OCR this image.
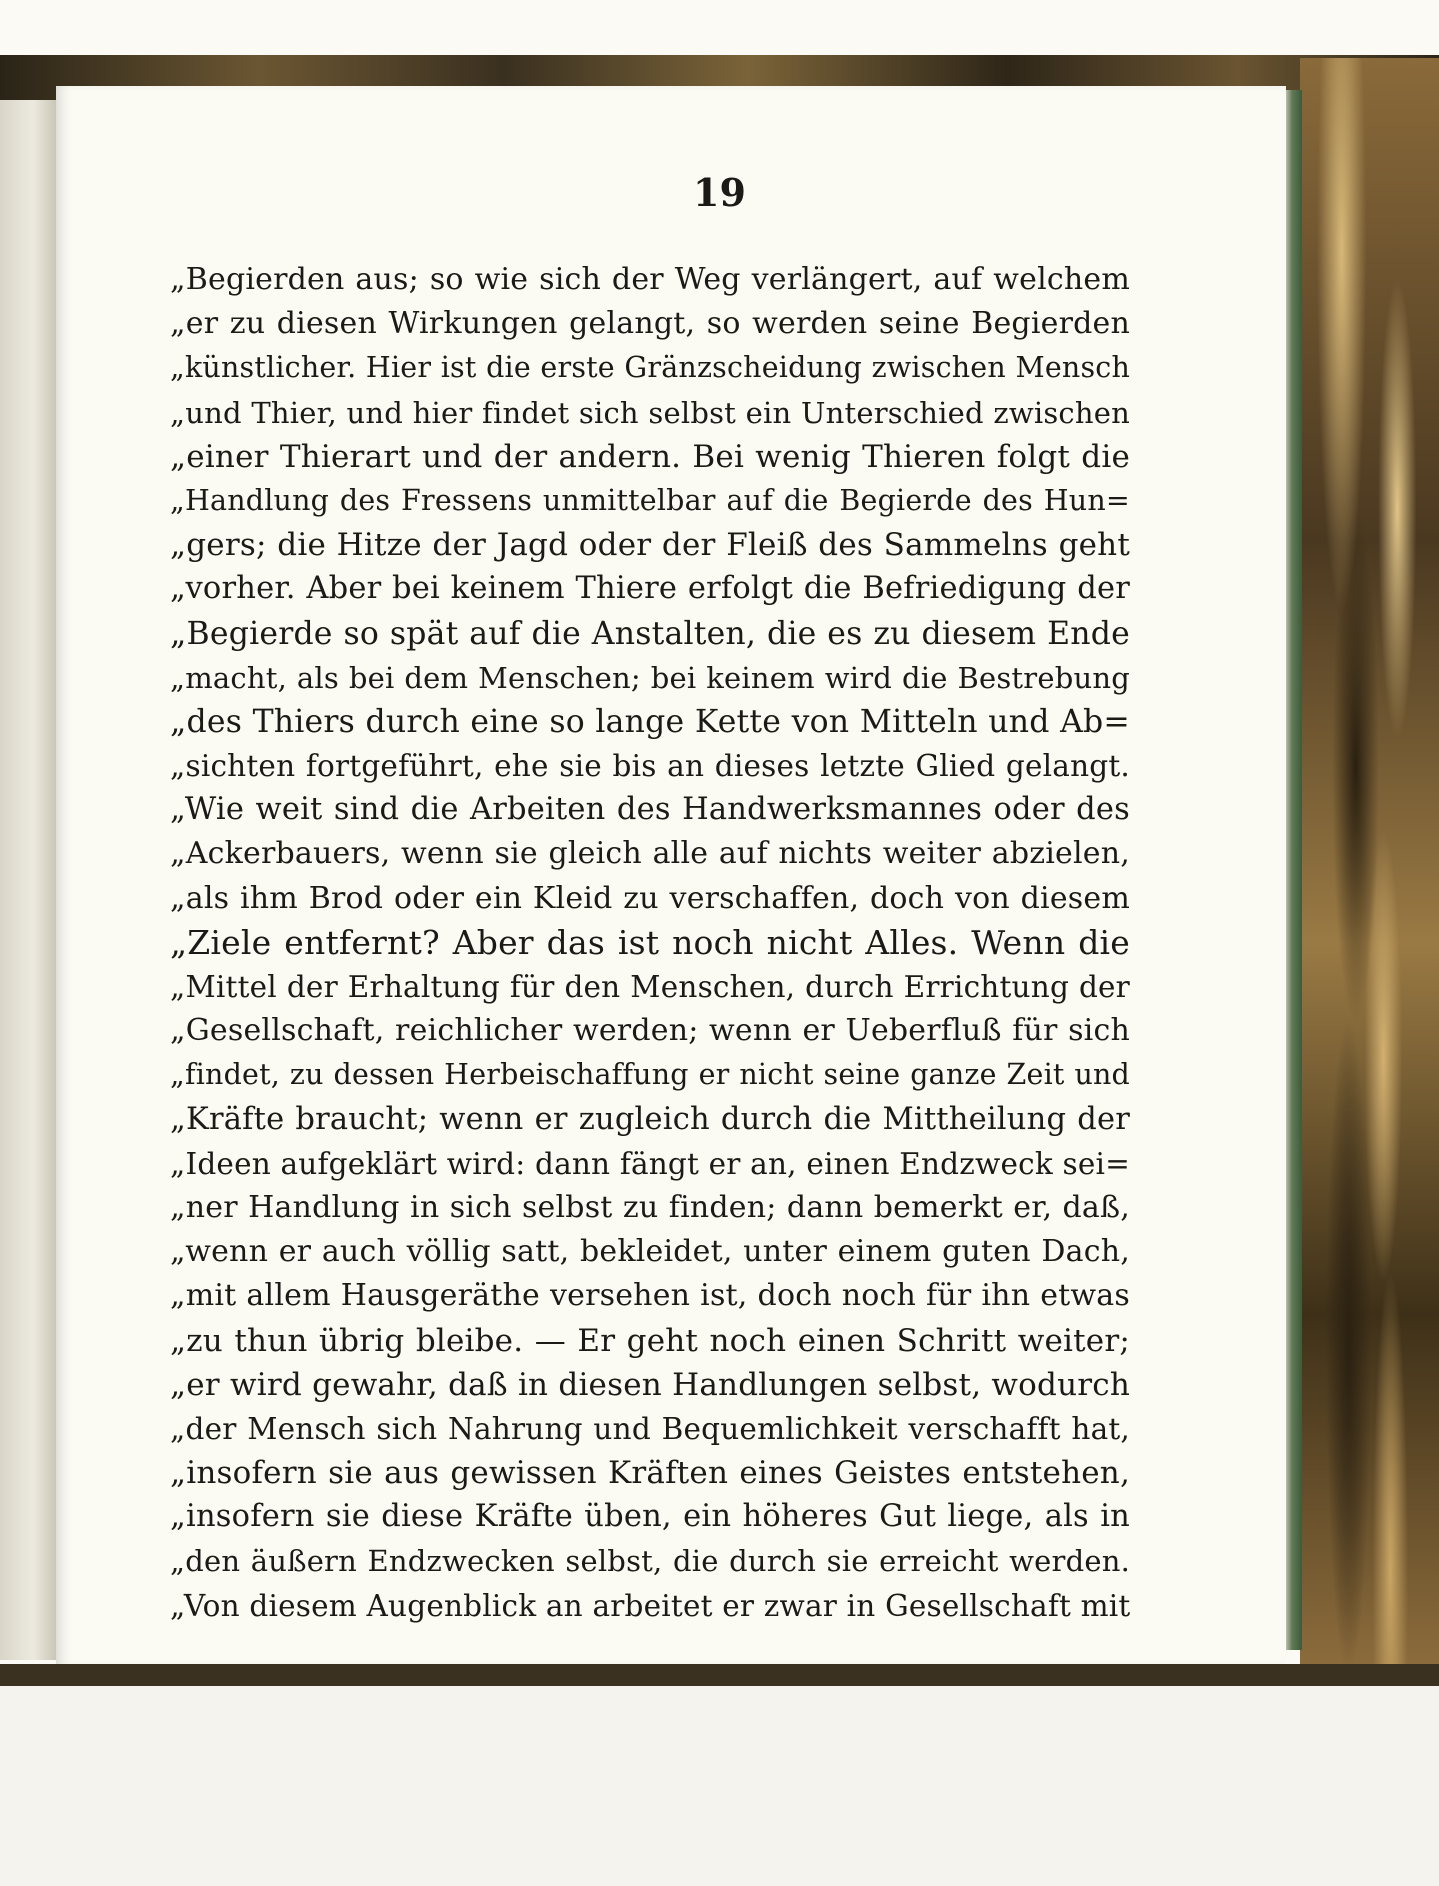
19

„Begierden aus; so wie sich der Weg verlängert, auf welchem
„er zu diesen Wirkungen gelangt, so werden seine Begierden
„künstlicher. Hier ist die erste Gränzscheidung zwischen Mensch
„und Thier, und hier findet sich selbst ein Unterschied zwischen
„einer Thierart und der andern. Bei wenig Thieren folgt die
„Handlung des Fressens unmittelbar auf die Begierde des Hun=
„gers; die Hitze der Jagd oder der Fleiß des Sammelns geht
„vorher. Aber bei keinem Thiere erfolgt die Befriedigung der
„Begierde so spät auf die Anstalten, die es zu diesem Ende
„macht, als bei dem Menschen; bei keinem wird die Bestrebung
„des Thiers durch eine so lange Kette von Mitteln und Ab=
„sichten fortgeführt, ehe sie bis an dieses letzte Glied gelangt.
„Wie weit sind die Arbeiten des Handwerksmannes oder des
„Ackerbauers, wenn sie gleich alle auf nichts weiter abzielen,
„als ihm Brod oder ein Kleid zu verschaffen, doch von diesem
„Ziele entfernt? Aber das ist noch nicht Alles. Wenn die
„Mittel der Erhaltung für den Menschen, durch Errichtung der
„Gesellschaft, reichlicher werden; wenn er Ueberfluß für sich
„findet, zu dessen Herbeischaffung er nicht seine ganze Zeit und
„Kräfte braucht; wenn er zugleich durch die Mittheilung der
„Ideen aufgeklärt wird: dann fängt er an, einen Endzweck sei=
„ner Handlung in sich selbst zu finden; dann bemerkt er, daß,
„wenn er auch völlig satt, bekleidet, unter einem guten Dach,
„mit allem Hausgeräthe versehen ist, doch noch für ihn etwas
„zu thun übrig bleibe. — Er geht noch einen Schritt weiter;
„er wird gewahr, daß in diesen Handlungen selbst, wodurch
„der Mensch sich Nahrung und Bequemlichkeit verschafft hat,
„insofern sie aus gewissen Kräften eines Geistes entstehen,
„insofern sie diese Kräfte üben, ein höheres Gut liege, als in
„den äußern Endzwecken selbst, die durch sie erreicht werden.
„Von diesem Augenblick an arbeitet er zwar in Gesellschaft mit
